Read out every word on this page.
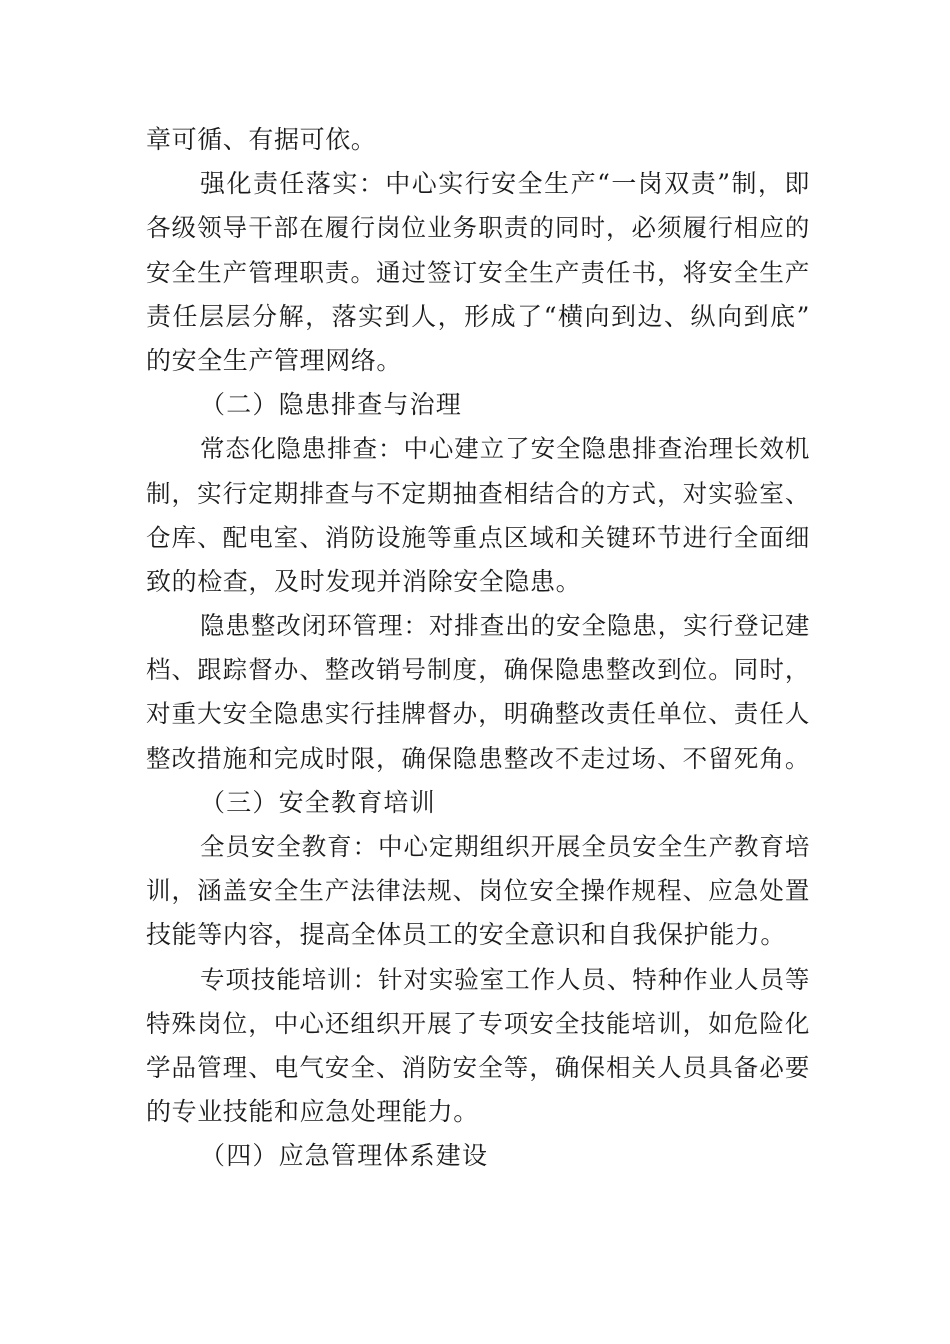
章可循、有据可依。
强化责任落实：中心实行安全生产“一岗双责”制，即
各级领导干部在履行岗位业务职责的同时，必须履行相应的
安全生产管理职责。通过签订安全生产责任书，将安全生产
责任层层分解，落实到人，形成了“横向到边、纵向到底”
的安全生产管理网络。
（二）隐患排查与治理
常态化隐患排查：中心建立了安全隐患排查治理长效机
制，实行定期排查与不定期抽查相结合的方式，对实验室、
仓库、配电室、消防设施等重点区域和关键环节进行全面细
致的检查，及时发现并消除安全隐患。
隐患整改闭环管理：对排查出的安全隐患，实行登记建
档、跟踪督办、整改销号制度，确保隐患整改到位。同时，
对重大安全隐患实行挂牌督办，明确整改责任单位、责任人
整改措施和完成时限，确保隐患整改不走过场、不留死角。
（三）安全教育培训
全员安全教育：中心定期组织开展全员安全生产教育培
训，涵盖安全生产法律法规、岗位安全操作规程、应急处置
技能等内容，提高全体员工的安全意识和自我保护能力。
专项技能培训：针对实验室工作人员、特种作业人员等
特殊岗位，中心还组织开展了专项安全技能培训，如危险化
学品管理、电气安全、消防安全等，确保相关人员具备必要
的专业技能和应急处理能力。
（四）应急管理体系建设
